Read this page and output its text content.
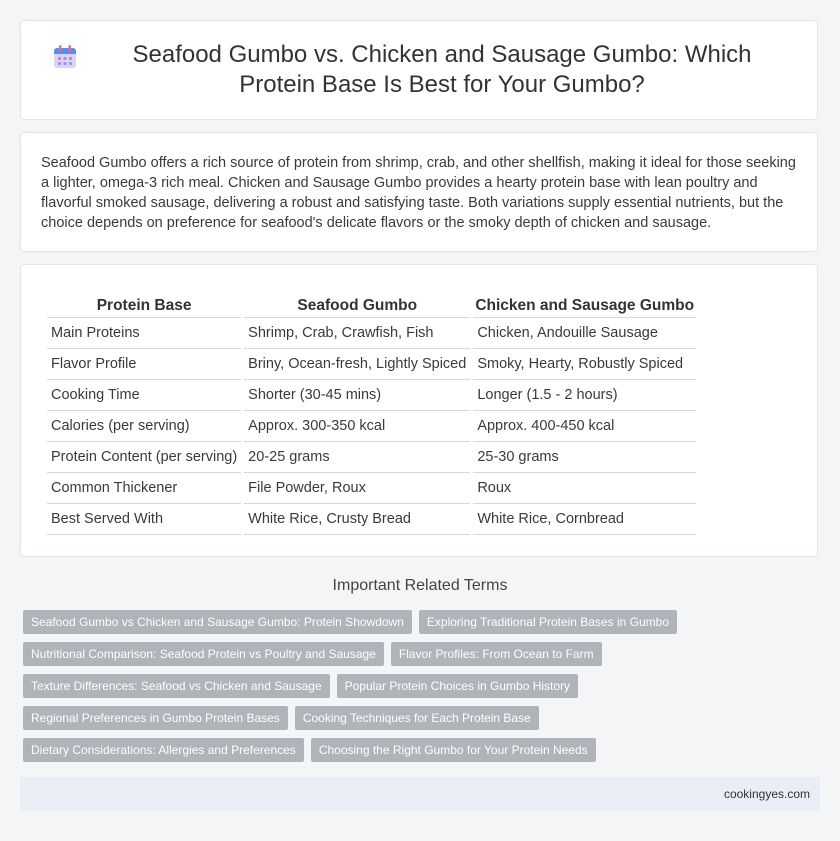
Seafood Gumbo vs. Chicken and Sausage Gumbo: Which Protein Base Is Best for Your Gumbo?

Seafood Gumbo offers a rich source of protein from shrimp, crab, and other shellfish, making it ideal for those seeking a lighter, omega-3 rich meal. Chicken and Sausage Gumbo provides a hearty protein base with lean poultry and flavorful smoked sausage, delivering a robust and satisfying taste. Both variations supply essential nutrients, but the choice depends on preference for seafood's delicate flavors or the smoky depth of chicken and sausage.

Protein Base	Seafood Gumbo	Chicken and Sausage Gumbo
Main Proteins	Shrimp, Crab, Crawfish, Fish	Chicken, Andouille Sausage
Flavor Profile	Briny, Ocean-fresh, Lightly Spiced	Smoky, Hearty, Robustly Spiced
Cooking Time	Shorter (30-45 mins)	Longer (1.5 - 2 hours)
Calories (per serving)	Approx. 300-350 kcal	Approx. 400-450 kcal
Protein Content (per serving)	20-25 grams	25-30 grams
Common Thickener	File Powder, Roux	Roux
Best Served With	White Rice, Crusty Bread	White Rice, Cornbread
Important Related Terms
Seafood Gumbo vs Chicken and Sausage Gumbo: Protein Showdown	Exploring Traditional Protein Bases in Gumbo
Nutritional Comparison: Seafood Protein vs Poultry and Sausage	Flavor Profiles: From Ocean to Farm
Texture Differences: Seafood vs Chicken and Sausage	Popular Protein Choices in Gumbo History
Regional Preferences in Gumbo Protein Bases	Cooking Techniques for Each Protein Base
Dietary Considerations: Allergies and Preferences	Choosing the Right Gumbo for Your Protein Needs
cookingyes.com
